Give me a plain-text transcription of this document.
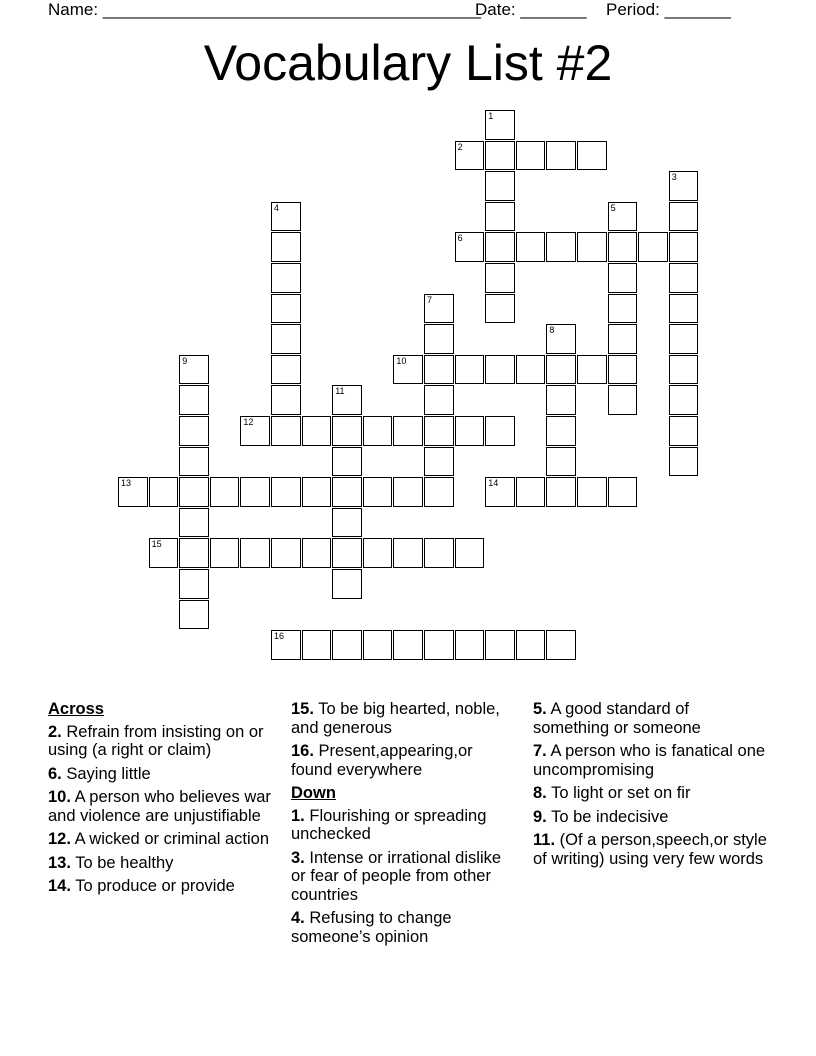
Name: ________________________________________
Date: _______ Period: _______
Vocabulary List #2
1
2
3
4	5
6
7
8
9	10
11
12
13	14
15
16
Across
2. Refrain from insisting on or using (a right or claim)
6. Saying little
10. A person who believes war and violence are unjustifiable
12. A wicked or criminal action
13. To be healthy
14. To produce or provide
15. To be big hearted, noble, and generous
16. Present,appearing,or found everywhere
Down
1. Flourishing or spreading unchecked
3. Intense or irrational dislike or fear of people from other countries
4. Refusing to change someone’s opinion
5. A good standard of something or someone
7. A person who is fanatical one uncompromising
8. To light or set on fir
9. To be indecisive
11. (Of a person,speech,or style of writing) using very few words
